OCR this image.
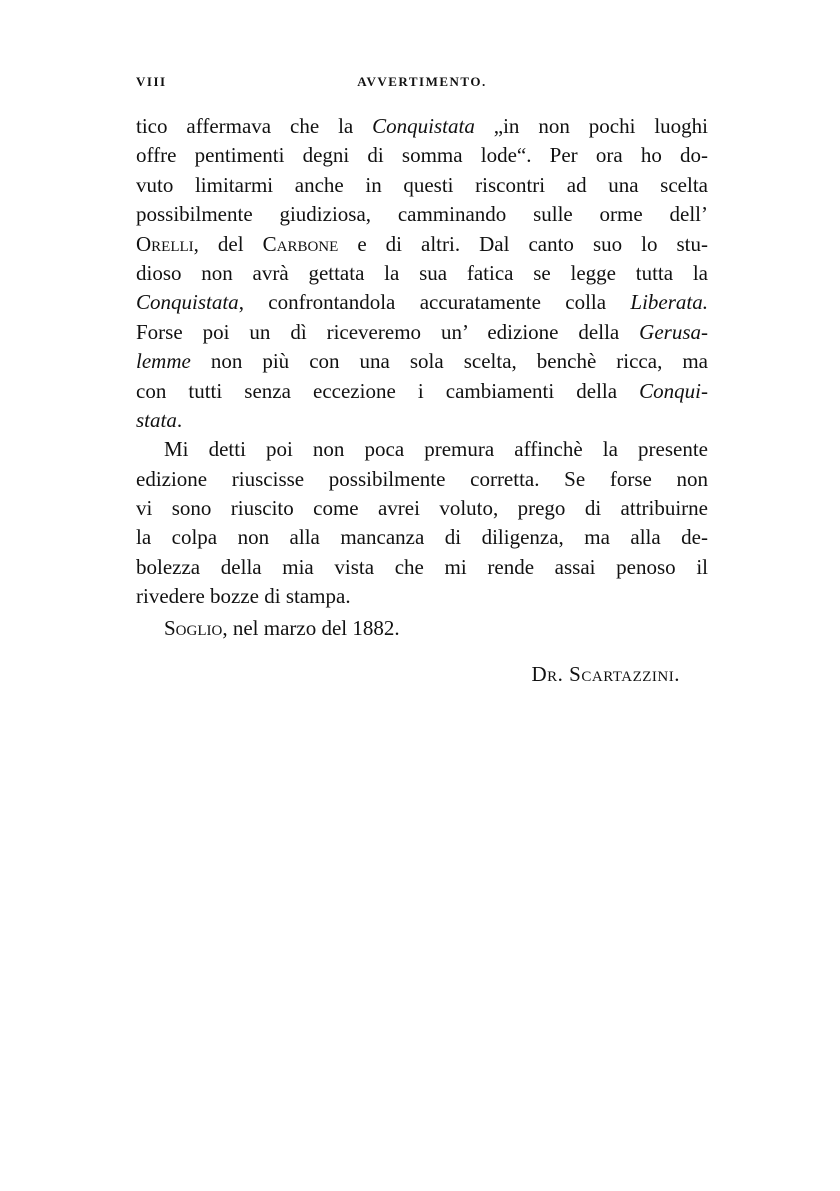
VIII	AVVERTIMENTO.
tico affermava che la Conquistata „in non pochi luoghi
offre pentimenti degni di somma lode“. Per ora ho do-
vuto limitarmi anche in questi riscontri ad una scelta
possibilmente giudiziosa, camminando sulle orme dell’
Orelli, del Carbone e di altri. Dal canto suo lo stu-
dioso non avrà gettata la sua fatica se legge tutta la
Conquistata, confrontandola accuratamente colla Liberata.
Forse poi un dì riceveremo un’ edizione della Gerusa-
lemme non più con una sola scelta, benchè ricca, ma
con tutti senza eccezione i cambiamenti della Conqui-
stata.
Mi detti poi non poca premura affinchè la presente
edizione riuscisse possibilmente corretta. Se forse non
vi sono riuscito come avrei voluto, prego di attribuirne
la colpa non alla mancanza di diligenza, ma alla de-
bolezza della mia vista che mi rende assai penoso il
rivedere bozze di stampa.
Soglio, nel marzo del 1882.
Dr. Scartazzini.
